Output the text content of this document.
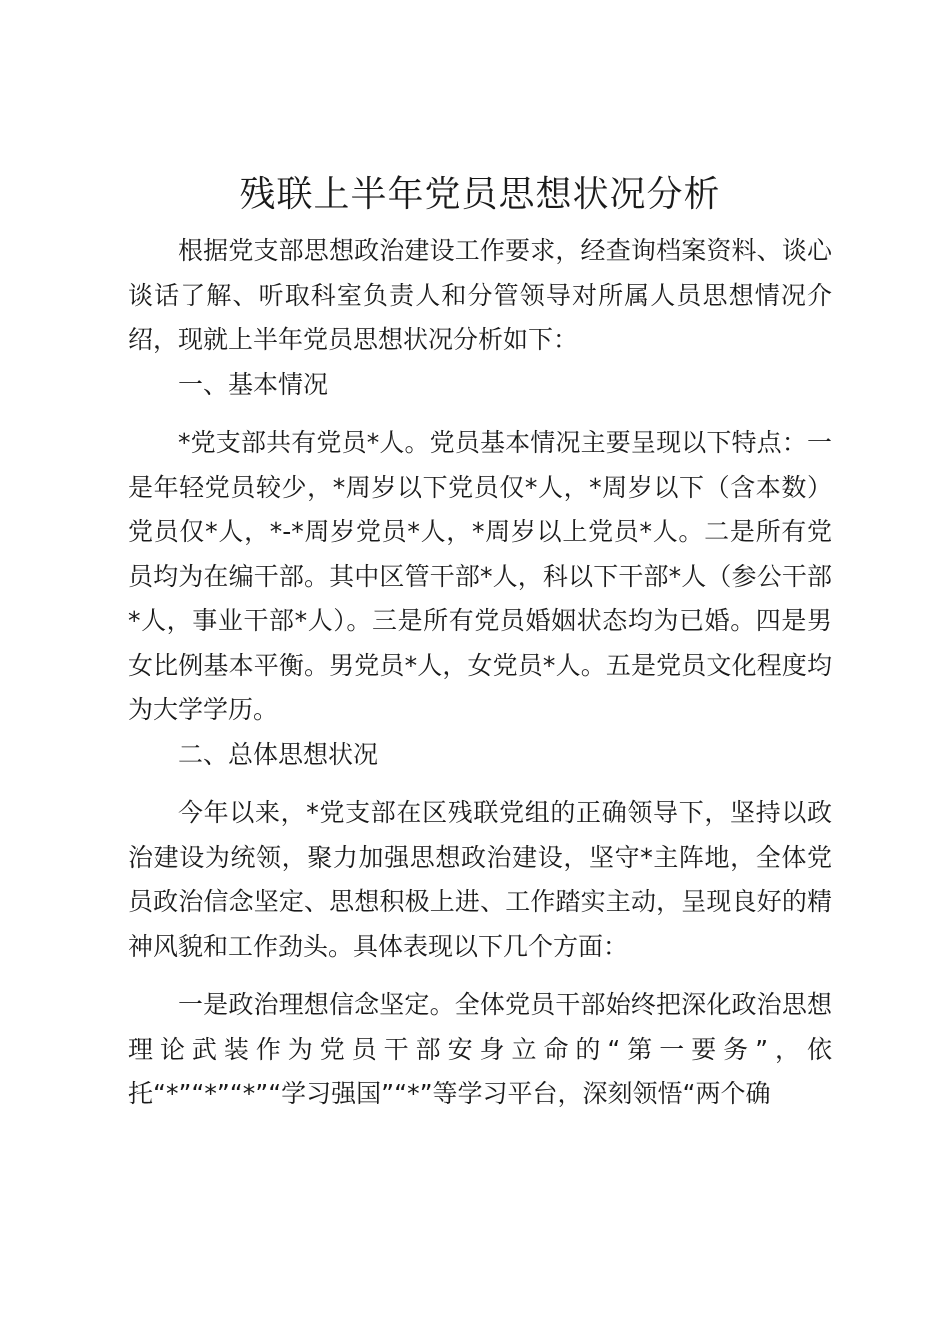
残联上半年党员思想状况分析

根据党支部思想政治建设工作要求，经查询档案资料、谈心谈话了解、听取科室负责人和分管领导对所属人员思想情况介绍，现就上半年党员思想状况分析如下：

一、基本情况

*党支部共有党员*人。党员基本情况主要呈现以下特点：一是年轻党员较少，*周岁以下党员仅*人，*周岁以下（含本数）党员仅*人，*-*周岁党员*人，*周岁以上党员*人。二是所有党员均为在编干部。其中区管干部*人，科以下干部*人（参公干部*人，事业干部*人）。三是所有党员婚姻状态均为已婚。四是男女比例基本平衡。男党员*人，女党员*人。五是党员文化程度均为大学学历。

二、总体思想状况

今年以来，*党支部在区残联党组的正确领导下，坚持以政治建设为统领，聚力加强思想政治建设，坚守*主阵地，全体党员政治信念坚定、思想积极上进、工作踏实主动，呈现良好的精神风貌和工作劲头。具体表现以下几个方面：

一是政治理想信念坚定。全体党员干部始终把深化政治思想理论武装作为党员干部安身立命的“第一要务”，依托“*”“*”“*”“学习强国”“*”等学习平台，深刻领悟“两个确
